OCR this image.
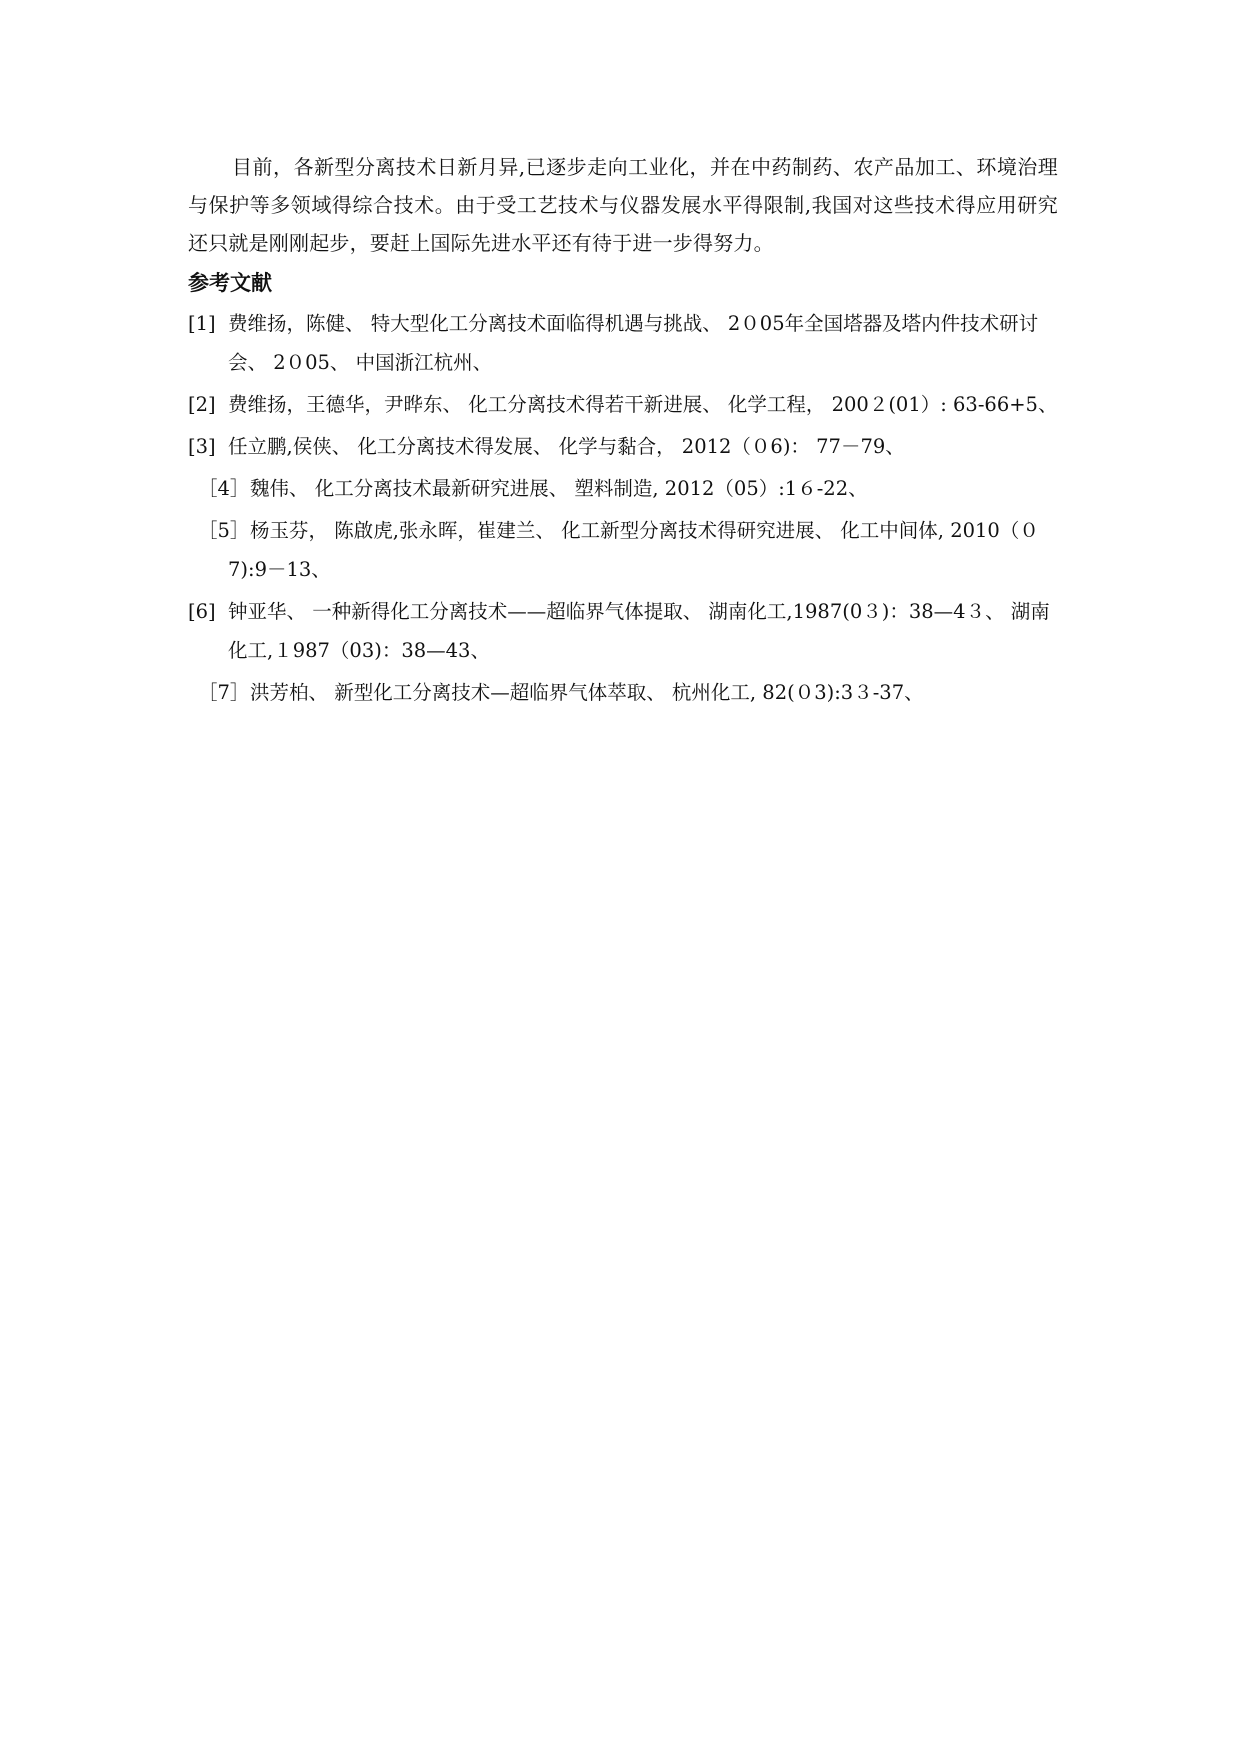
目前，各新型分离技术日新月异,已逐步走向工业化，并在中药制药、农产品加工、环境治理与保护等多领域得综合技术。由于受工艺技术与仪器发展水平得限制,我国对这些技术得应用研究还只就是刚刚起步，要赶上国际先进水平还有待于进一步得努力。

参考文献
[1] 费维扬，陈健、 特大型化工分离技术面临得机遇与挑战、 2０05年全国塔器及塔内件技术研讨会、 2０05、 中国浙江杭州、
[2] 费维扬，王德华，尹晔东、 化工分离技术得若干新进展、 化学工程， 200２(01）: 63-66+5、
[3] 任立鹏,侯侠、 化工分离技术得发展、 化学与黏合， 2012（０6)： 77－79、
［4］魏伟、 化工分离技术最新研究进展、 塑料制造, 2012（05）:1６-22、
［5］杨玉芬， 陈啟虎,张永晖，崔建兰、 化工新型分离技术得研究进展、 化工中间体, 2010（０7):9－13、
[6] 钟亚华、 一种新得化工分离技术——超临界气体提取、 湖南化工,1987(0３)：38—4３、 湖南化工,１987（03)：38—43、
［7］洪芳柏、 新型化工分离技术—超临界气体萃取、 杭州化工, 82(０3):3３-37、
